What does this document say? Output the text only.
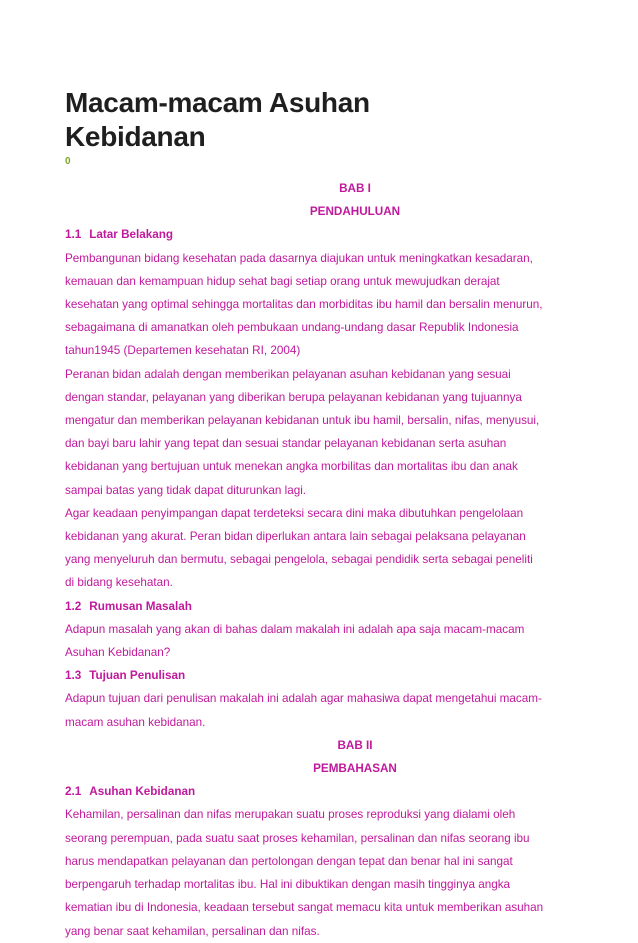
Macam-macam Asuhan
Kebidanan
0

BAB I

PENDAHULUAN

1.1 Latar Belakang

Pembangunan bidang kesehatan pada dasarnya diajukan untuk meningkatkan kesadaran,

kemauan dan kemampuan hidup sehat bagi setiap orang untuk mewujudkan derajat

kesehatan yang optimal sehingga mortalitas dan morbiditas ibu hamil dan bersalin menurun,

sebagaimana di amanatkan oleh pembukaan undang-undang dasar Republik Indonesia

tahun1945 (Departemen kesehatan RI, 2004)

Peranan bidan adalah dengan memberikan pelayanan asuhan kebidanan yang sesuai

dengan standar, pelayanan yang diberikan berupa pelayanan kebidanan yang tujuannya

mengatur dan memberikan pelayanan kebidanan untuk ibu hamil, bersalin, nifas, menyusui,

dan bayi baru lahir yang tepat dan sesuai standar pelayanan kebidanan serta asuhan

kebidanan yang bertujuan untuk menekan angka morbilitas dan mortalitas ibu dan anak

sampai batas yang tidak dapat diturunkan lagi.

Agar keadaan penyimpangan dapat terdeteksi secara dini maka dibutuhkan pengelolaan

kebidanan yang akurat. Peran bidan diperlukan antara lain sebagai pelaksana pelayanan

yang menyeluruh dan bermutu, sebagai pengelola, sebagai pendidik serta sebagai peneliti

di bidang kesehatan.

1.2 Rumusan Masalah

Adapun masalah yang akan di bahas dalam makalah ini adalah apa saja macam-macam

Asuhan Kebidanan?

1.3 Tujuan Penulisan

Adapun tujuan dari penulisan makalah ini adalah agar mahasiwa dapat mengetahui macam-

macam asuhan kebidanan.

BAB II

PEMBAHASAN

2.1 Asuhan Kebidanan

Kehamilan, persalinan dan nifas merupakan suatu proses reproduksi yang dialami oleh

seorang perempuan, pada suatu saat proses kehamilan, persalinan dan nifas seorang ibu

harus mendapatkan pelayanan dan pertolongan dengan tepat dan benar hal ini sangat

berpengaruh terhadap mortalitas ibu. Hal ini dibuktikan dengan masih tingginya angka

kematian ibu di Indonesia, keadaan tersebut sangat memacu kita untuk memberikan asuhan

yang benar saat kehamilan, persalinan dan nifas.
